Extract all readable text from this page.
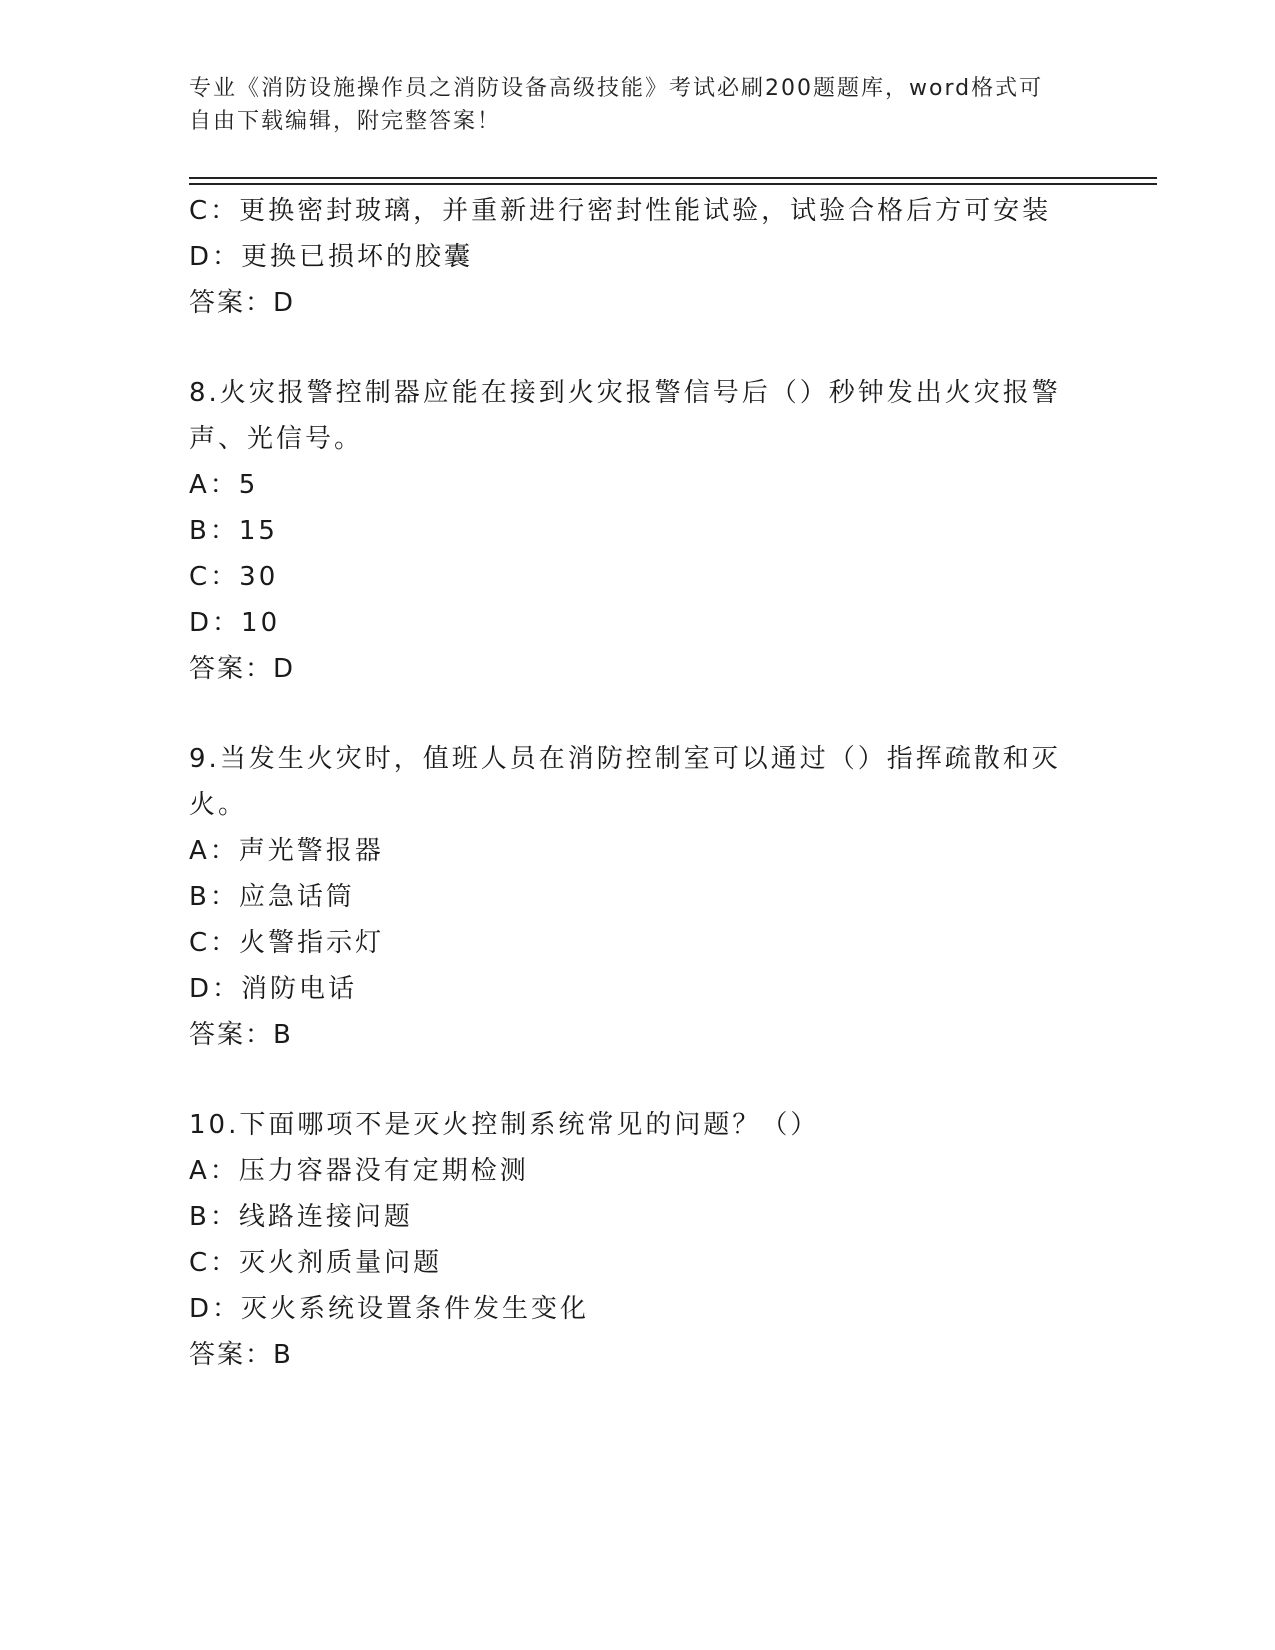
专业《消防设施操作员之消防设备高级技能》考试必刷200题题库，word格式可

自由下载编辑，附完整答案！

C：更换密封玻璃，并重新进行密封性能试验，试验合格后方可安装

D：更换已损坏的胶囊

答案：D

8.火灾报警控制器应能在接到火灾报警信号后（）秒钟发出火灾报警

声、光信号。

A：5

B：15

C：30

D：10

答案：D

9.当发生火灾时，值班人员在消防控制室可以通过（）指挥疏散和灭

火。

A：声光警报器

B：应急话筒

C：火警指示灯

D：消防电话

答案：B

10.下面哪项不是灭火控制系统常见的问题？（）

A：压力容器没有定期检测

B：线路连接问题

C：灭火剂质量问题

D：灭火系统设置条件发生变化

答案：B
